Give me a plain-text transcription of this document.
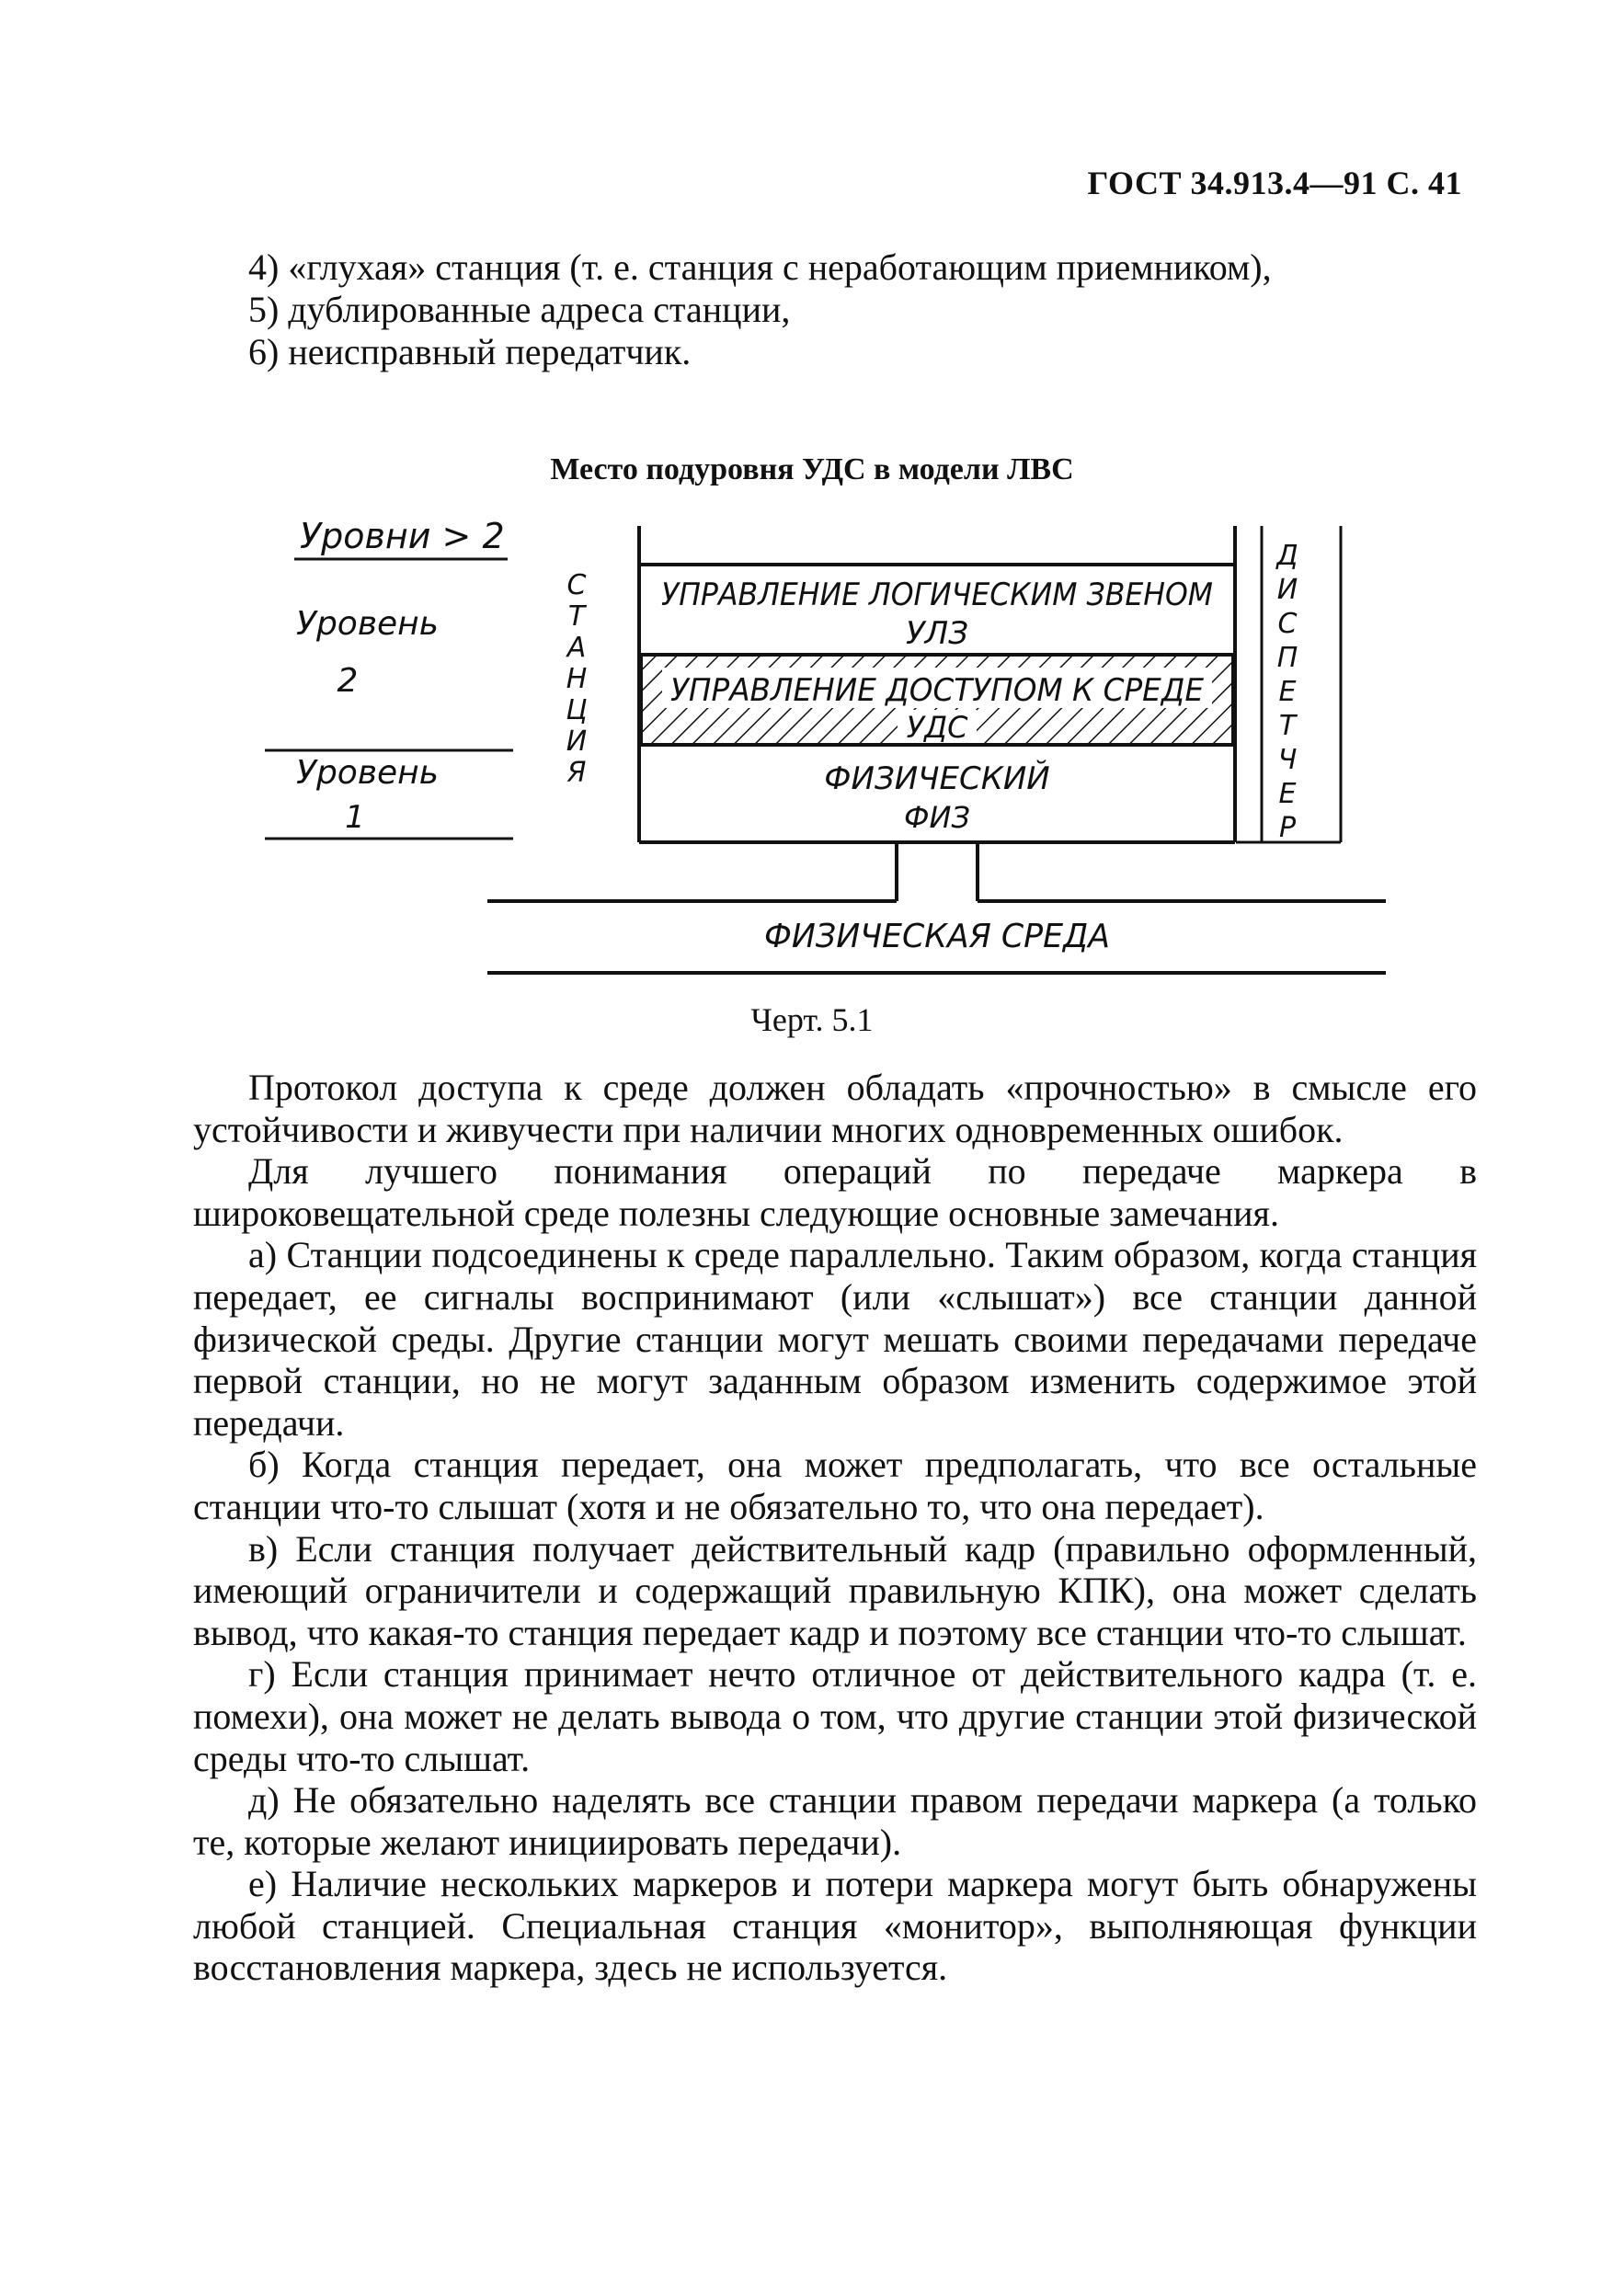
ГОСТ 34.913.4—91 С. 41

4) «глухая» станция (т. е. станция с неработающим приемником),

5) дублированные адреса станции,

6) неисправный передатчик.

Место подуровня УДС в модели ЛВС
Уровни > 2
Уровень
2
Уровень
1
С
Т
А
Н
Ц
И
Я
Д
И
С
П
Е
Т
Ч
Е
Р
УПРАВЛЕНИЕ ЛОГИЧЕСКИМ ЗВЕНОМ
УЛЗ
УПРАВЛЕНИЕ ДОСТУПОМ К СРЕДЕ
УДС
ФИЗИЧЕСКИЙ
ФИЗ
ФИЗИЧЕСКАЯ СРЕДА
Черт. 5.1

Протокол доступа к среде должен обладать «прочностью» в смысле его устойчивости и живучести при наличии многих одновременных ошибок.

Для лучшего понимания операций по передаче маркера в широковещательной среде полезны следующие основные замечания.

а) Станции подсоединены к среде параллельно. Таким образом, когда станция передает, ее сигналы воспринимают (или «слышат») все станции данной физической среды. Другие станции могут мешать своими передачами передаче первой станции, но не могут заданным образом изменить содержимое этой передачи.

б) Когда станция передает, она может предполагать, что все остальные станции что-то слышат (хотя и не обязательно то, что она передает).

в) Если станция получает действительный кадр (правильно оформленный, имеющий ограничители и содержащий правильную КПК), она может сделать вывод, что какая-то станция передает кадр и поэтому все станции что-то слышат.

г) Если станция принимает нечто отличное от действительного кадра (т. е. помехи), она может не делать вывода о том, что другие станции этой физической среды что-то слышат.

д) Не обязательно наделять все станции правом передачи маркера (а только те, которые желают инициировать передачи).

е) Наличие нескольких маркеров и потери маркера могут быть обнаружены любой станцией. Специальная станция «монитор», выполняющая функции восстановления маркера, здесь не используется.
